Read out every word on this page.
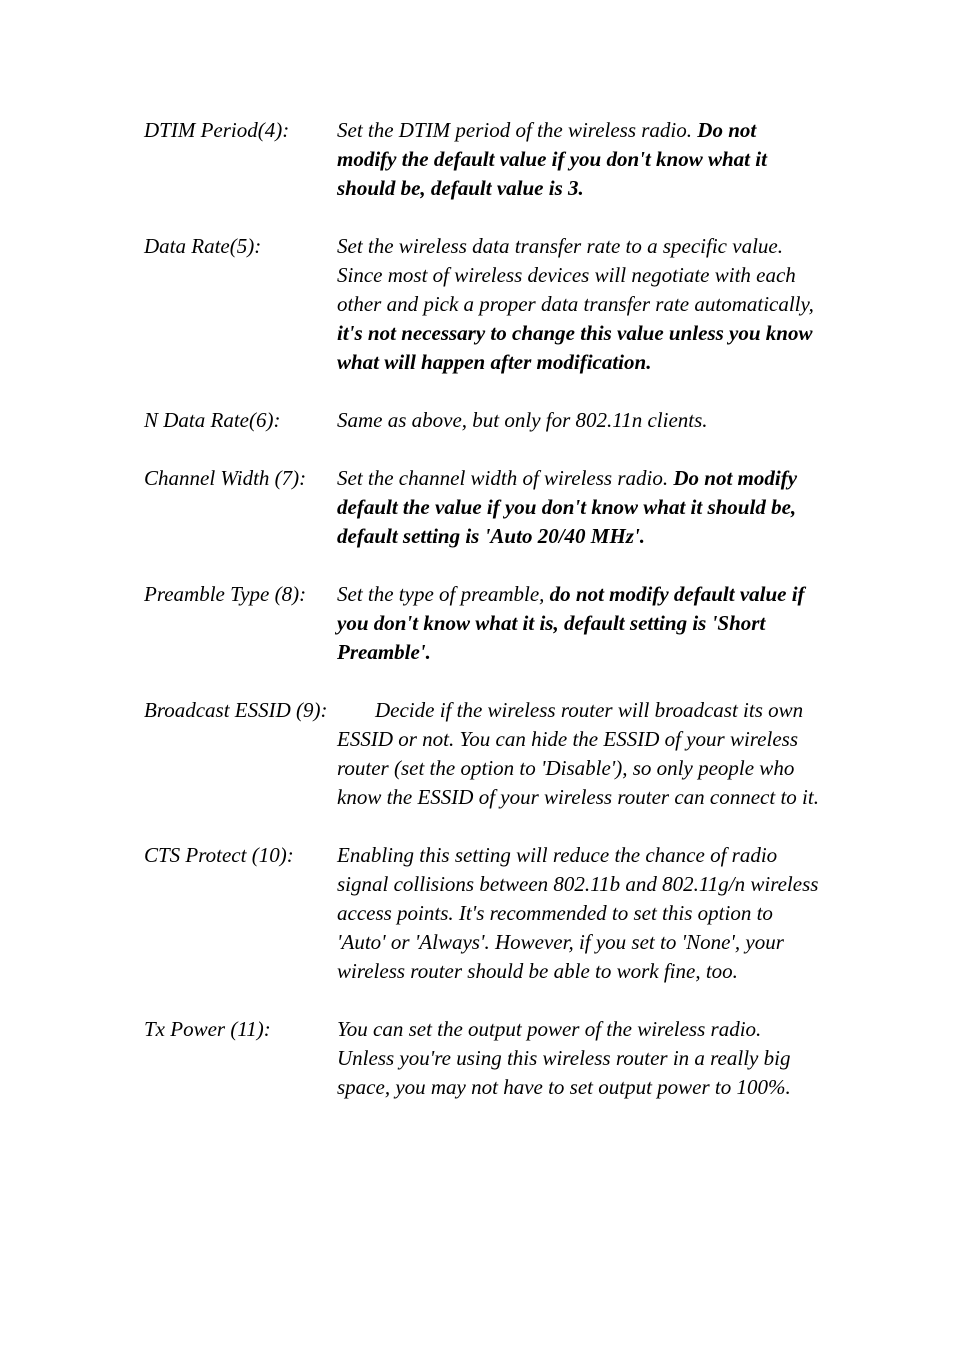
DTIM Period(4): Set the DTIM period of the wireless radio. Do not modify the default value if you don't know what it should be, default value is 3.
Data Rate(5):	Set the wireless data transfer rate to a specific value. Since most of wireless devices will negotiate with each other and pick a proper data transfer rate automatically, it's not necessary to change this value unless you know what will happen after modification.
N Data Rate(6):	Same as above, but only for 802.11n clients.
Channel Width (7): Set the channel width of wireless radio. Do not modify default the value if you don't know what it should be, default setting is 'Auto 20/40 MHz'.
Preamble Type (8): Set the type of preamble, do not modify default value if you don't know what it is, default setting is 'Short Preamble'.
Broadcast ESSID (9):	Decide if the wireless router will broadcast its own ESSID or not. You can hide the ESSID of your wireless router (set the option to 'Disable'), so only people who know the ESSID of your wireless router can connect to it.
CTS Protect (10): Enabling this setting will reduce the chance of radio signal collisions between 802.11b and 802.11g/n wireless access points. It's recommended to set this option to 'Auto' or 'Always'. However, if you set to 'None', your wireless router should be able to work fine, too.
Tx Power (11):	You can set the output power of the wireless radio. Unless you're using this wireless router in a really big space, you may not have to set output power to 100%.
